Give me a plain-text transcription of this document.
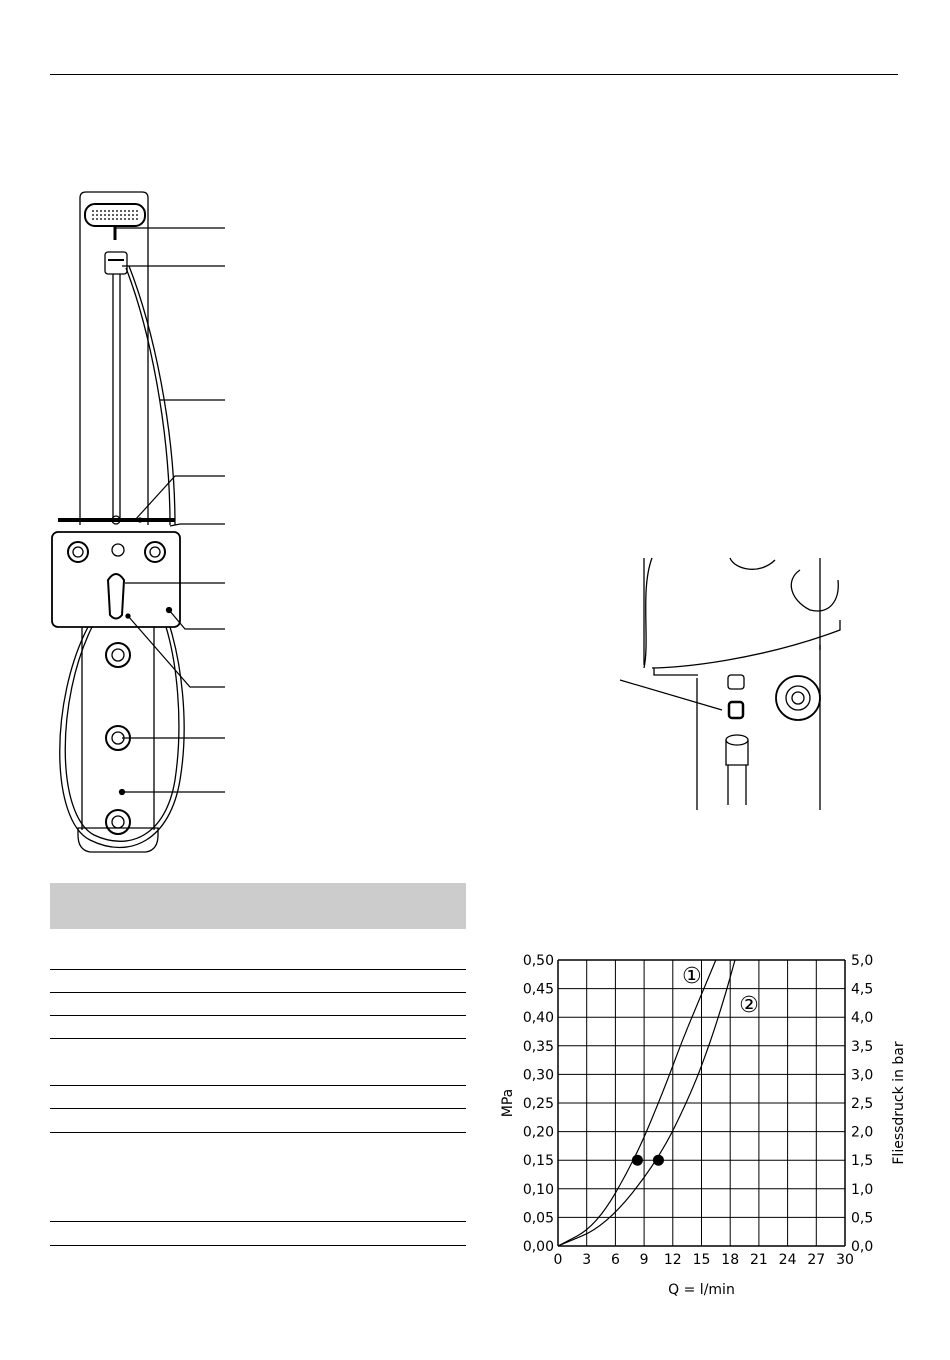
0 3 6 9 12 15 18 21 24 27 30
0,00	0,0
0,05	0,5
0,10	1,0
0,15	1,5
0,20	2,0
0,25	2,5
0,30	3,0
0,35	3,5
0,40	4,0
0,45	4,5
0,50	5,0
①
②
Q = l/min
MPa	Fliessdruck in bar
